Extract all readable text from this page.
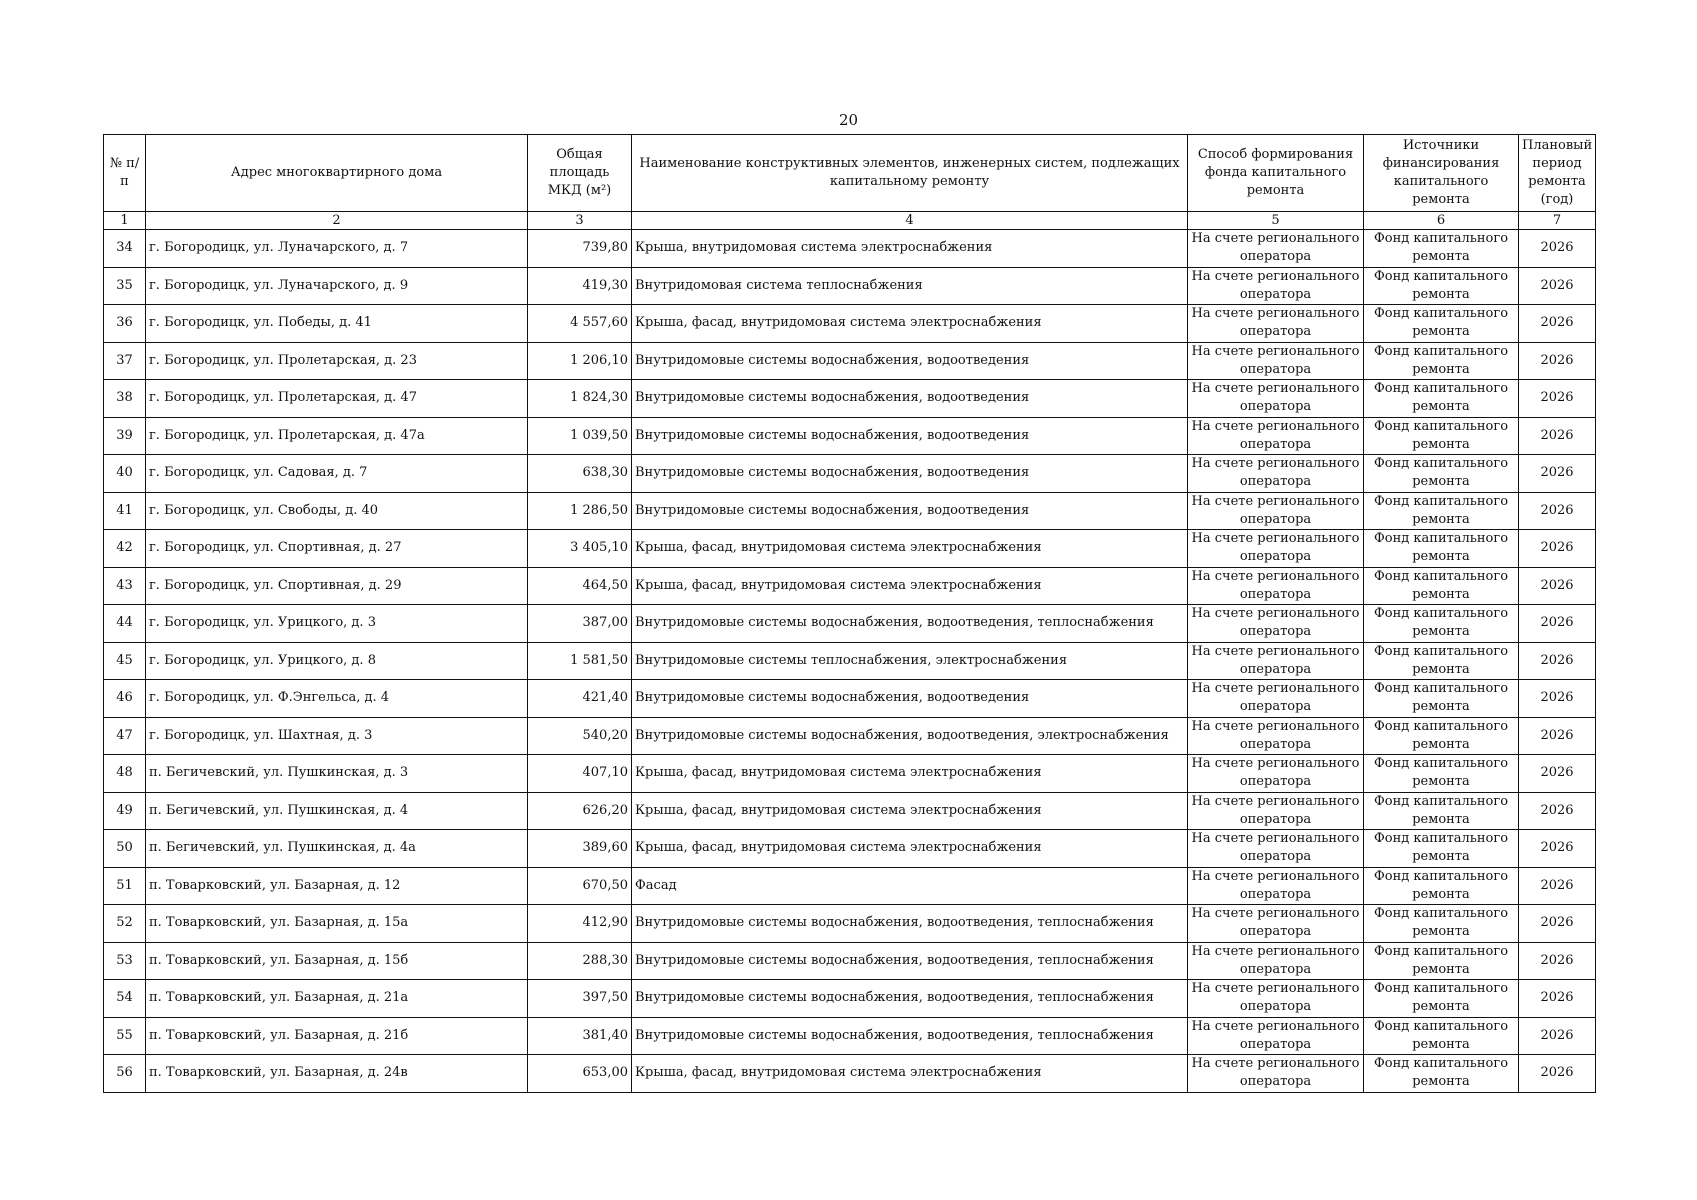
20
№ п/п	Адрес многоквартирного дома	Общая площадь МКД (м²)	Наименование конструктивных элементов, инженерных систем, подлежащих капитальному ремонту	Способ формирования фонда капитального ремонта	Источники финансирования капитального ремонта	Плановый период ремонта (год)
1	2	3	4	5	6	7
34	г. Богородицк, ул. Луначарского, д. 7	739,80	Крыша, внутридомовая система электроснабжения	На счете регионального оператора	Фонд капитального ремонта	2026
35	г. Богородицк, ул. Луначарского, д. 9	419,30	Внутридомовая система теплоснабжения	На счете регионального оператора	Фонд капитального ремонта	2026
36	г. Богородицк, ул. Победы, д. 41	4 557,60	Крыша, фасад, внутридомовая система электроснабжения	На счете регионального оператора	Фонд капитального ремонта	2026
37	г. Богородицк, ул. Пролетарская, д. 23	1 206,10	Внутридомовые системы водоснабжения, водоотведения	На счете регионального оператора	Фонд капитального ремонта	2026
38	г. Богородицк, ул. Пролетарская, д. 47	1 824,30	Внутридомовые системы водоснабжения, водоотведения	На счете регионального оператора	Фонд капитального ремонта	2026
39	г. Богородицк, ул. Пролетарская, д. 47а	1 039,50	Внутридомовые системы водоснабжения, водоотведения	На счете регионального оператора	Фонд капитального ремонта	2026
40	г. Богородицк, ул. Садовая, д. 7	638,30	Внутридомовые системы водоснабжения, водоотведения	На счете регионального оператора	Фонд капитального ремонта	2026
41	г. Богородицк, ул. Свободы, д. 40	1 286,50	Внутридомовые системы водоснабжения, водоотведения	На счете регионального оператора	Фонд капитального ремонта	2026
42	г. Богородицк, ул. Спортивная, д. 27	3 405,10	Крыша, фасад, внутридомовая система электроснабжения	На счете регионального оператора	Фонд капитального ремонта	2026
43	г. Богородицк, ул. Спортивная, д. 29	464,50	Крыша, фасад, внутридомовая система электроснабжения	На счете регионального оператора	Фонд капитального ремонта	2026
44	г. Богородицк, ул. Урицкого, д. 3	387,00	Внутридомовые системы водоснабжения, водоотведения, теплоснабжения	На счете регионального оператора	Фонд капитального ремонта	2026
45	г. Богородицк, ул. Урицкого, д. 8	1 581,50	Внутридомовые системы теплоснабжения, электроснабжения	На счете регионального оператора	Фонд капитального ремонта	2026
46	г. Богородицк, ул. Ф.Энгельса, д. 4	421,40	Внутридомовые системы водоснабжения, водоотведения	На счете регионального оператора	Фонд капитального ремонта	2026
47	г. Богородицк, ул. Шахтная, д. 3	540,20	Внутридомовые системы водоснабжения, водоотведения, электроснабжения	На счете регионального оператора	Фонд капитального ремонта	2026
48	п. Бегичевский, ул. Пушкинская, д. 3	407,10	Крыша, фасад, внутридомовая система электроснабжения	На счете регионального оператора	Фонд капитального ремонта	2026
49	п. Бегичевский, ул. Пушкинская, д. 4	626,20	Крыша, фасад, внутридомовая система электроснабжения	На счете регионального оператора	Фонд капитального ремонта	2026
50	п. Бегичевский, ул. Пушкинская, д. 4а	389,60	Крыша, фасад, внутридомовая система электроснабжения	На счете регионального оператора	Фонд капитального ремонта	2026
51	п. Товарковский, ул. Базарная, д. 12	670,50	Фасад	На счете регионального оператора	Фонд капитального ремонта	2026
52	п. Товарковский, ул. Базарная, д. 15а	412,90	Внутридомовые системы водоснабжения, водоотведения, теплоснабжения	На счете регионального оператора	Фонд капитального ремонта	2026
53	п. Товарковский, ул. Базарная, д. 15б	288,30	Внутридомовые системы водоснабжения, водоотведения, теплоснабжения	На счете регионального оператора	Фонд капитального ремонта	2026
54	п. Товарковский, ул. Базарная, д. 21а	397,50	Внутридомовые системы водоснабжения, водоотведения, теплоснабжения	На счете регионального оператора	Фонд капитального ремонта	2026
55	п. Товарковский, ул. Базарная, д. 21б	381,40	Внутридомовые системы водоснабжения, водоотведения, теплоснабжения	На счете регионального оператора	Фонд капитального ремонта	2026
56	п. Товарковский, ул. Базарная, д. 24в	653,00	Крыша, фасад, внутридомовая система электроснабжения	На счете регионального оператора	Фонд капитального ремонта	2026
